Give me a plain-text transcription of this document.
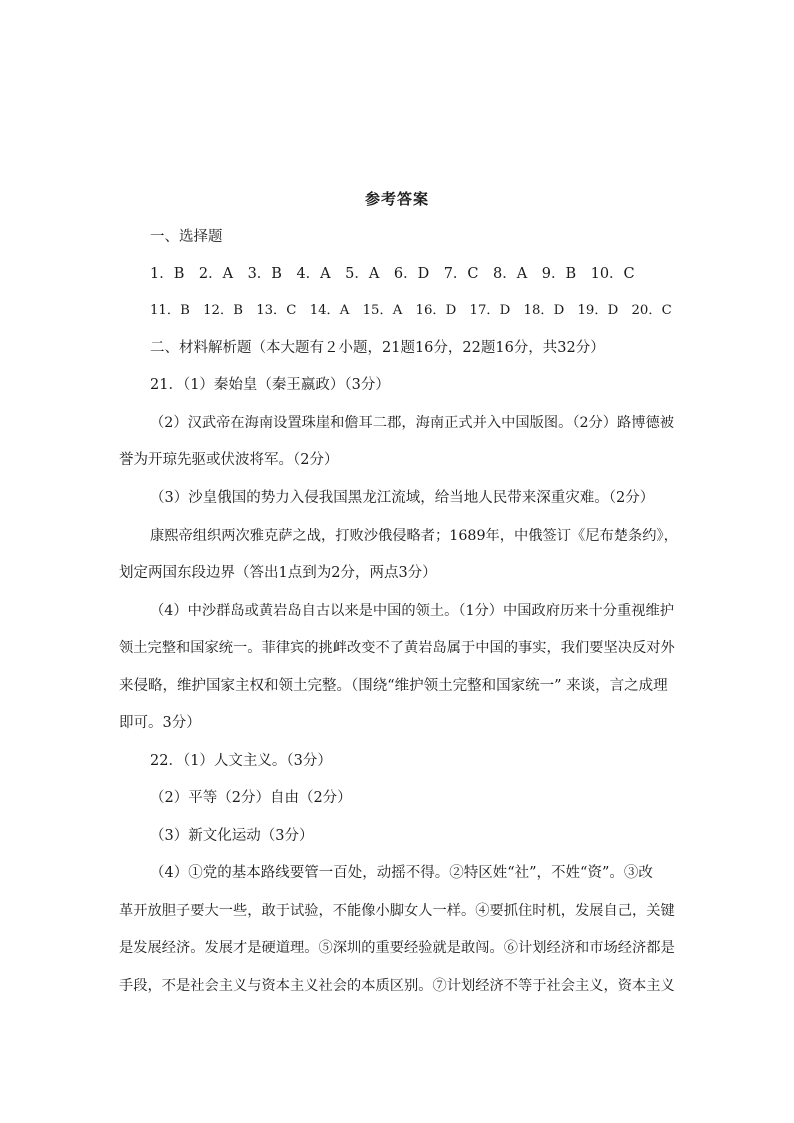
参考答案
一、选择题
1．B　2．A　3．B　4．A　5．A　6．D　7．C　8．A　9．B　10．C
11．B　12．B　13．C　14．A　15．A　16．D　17．D　18．D　19．D　20．C
二、材料解析题（本大题有２小题，21题16分，22题16分，共32分）
21．（1）秦始皇（秦王嬴政）（3分）
（2）汉武帝在海南设置珠崖和儋耳二郡，海南正式并入中国版图。（2分）路博德被
誉为开琼先驱或伏波将军。（2分）
（3）沙皇俄国的势力入侵我国黑龙江流域，给当地人民带来深重灾难。（2分）
康熙帝组织两次雅克萨之战，打败沙俄侵略者；1689年，中俄签订《尼布楚条约》，
划定两国东段边界（答出1点到为2分，两点3分）
（4）中沙群岛或黄岩岛自古以来是中国的领土。（1分）中国政府历来十分重视维护
领土完整和国家统一。菲律宾的挑衅改变不了黄岩岛属于中国的事实，我们要坚决反对外
来侵略，维护国家主权和领土完整。（围绕“维护领土完整和国家统一” 来谈，言之成理
即可。3分）
22．（1）人文主义。（3分）
（2）平等（2分）自由（2分）
（3）新文化运动（3分）
（4）①党的基本路线要管一百处，动摇不得。②特区姓“社”，不姓“资”。③改
革开放胆子要大一些，敢于试验，不能像小脚女人一样。④要抓住时机，发展自己，关键
是发展经济。发展才是硬道理。⑤深圳的重要经验就是敢闯。⑥计划经济和市场经济都是
手段，不是社会主义与资本主义社会的本质区别。⑦计划经济不等于社会主义，资本主义
